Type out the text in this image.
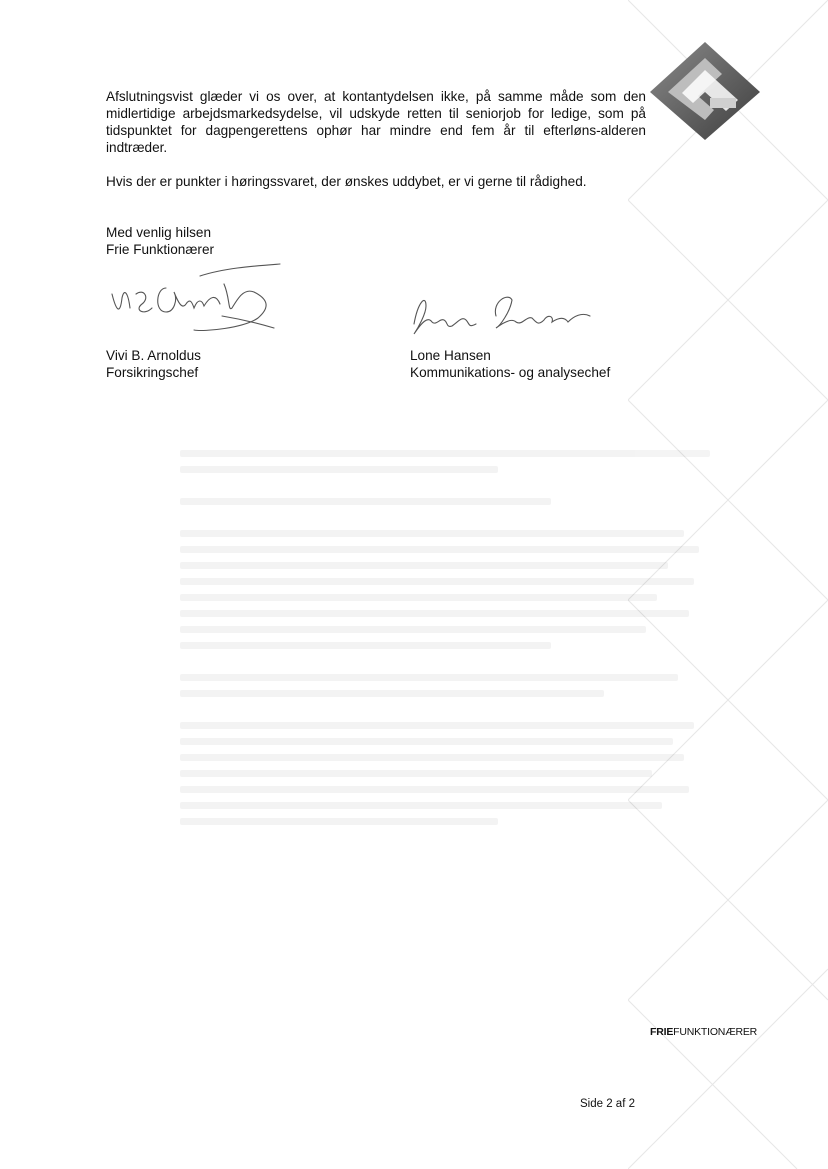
Afslutningsvist glæder vi os over, at kontantydelsen ikke, på samme måde som den midlertidige arbejdsmarkedsydelse, vil udskyde retten til seniorjob for ledige, som på tidspunktet for dagpengerettens ophør har mindre end fem år til efterløns-alderen indtræder.

Hvis der er punkter i høringssvaret, der ønskes uddybet, er vi gerne til rådighed.

Med venlig hilsen
Frie Funktionærer
Vivi B. Arnoldus
Forsikringschef
Lone Hansen
Kommunikations- og analysechef
FRIEFUNKTIONÆRER
Side 2 af 2
